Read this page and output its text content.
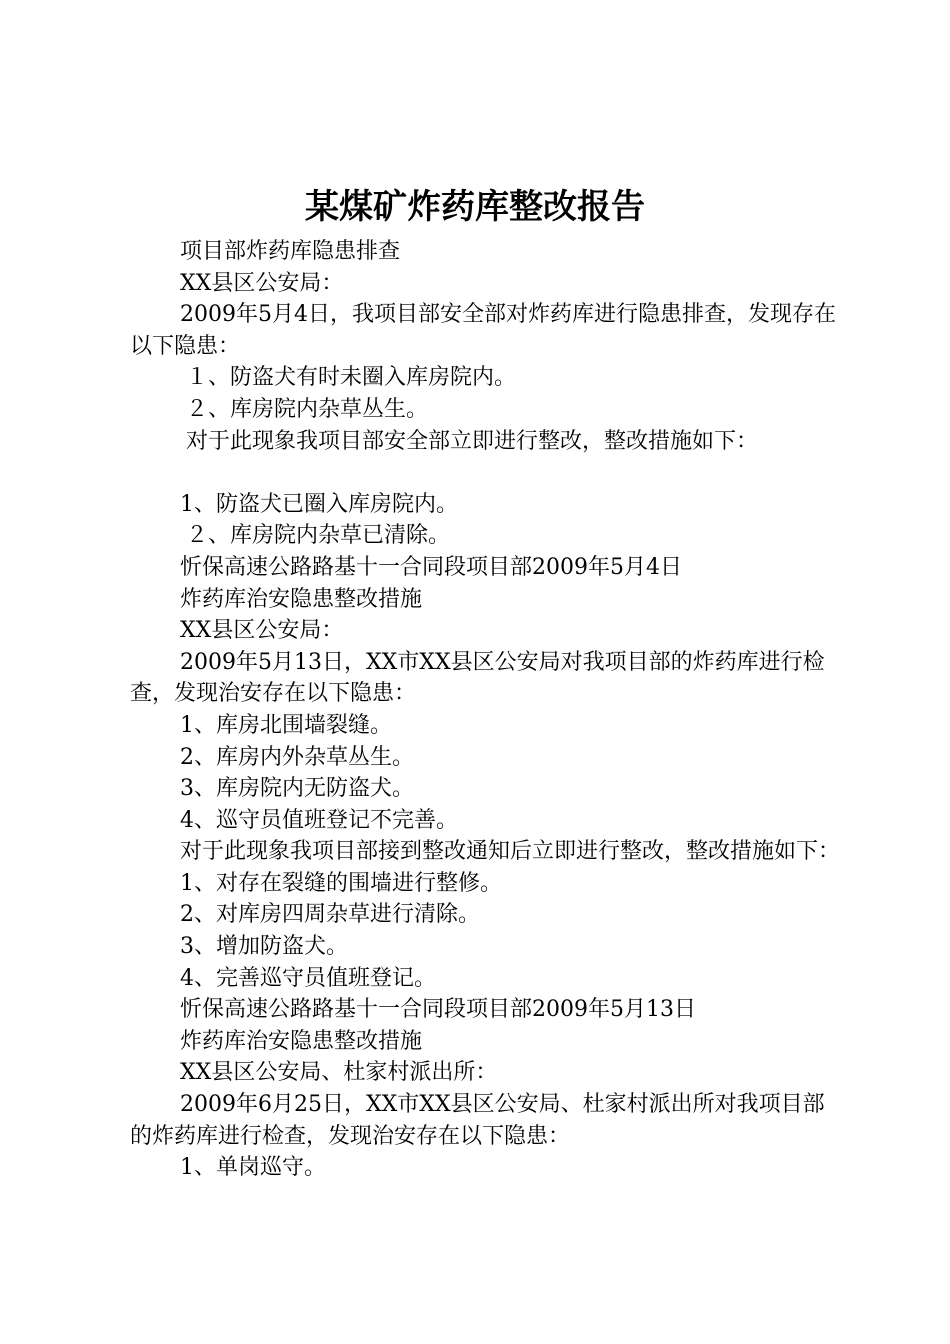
某煤矿炸药库整改报告

项目部炸药库隐患排查

XX县区公安局：

2009年5月4日，我项目部安全部对炸药库进行隐患排查，发现存在以下隐患：

１、防盗犬有时未圈入库房院内。

２、库房院内杂草丛生。

对于此现象我项目部安全部立即进行整改，整改措施如下：

1、防盗犬已圈入库房院内。

２、库房院内杂草已清除。

忻保高速公路路基十一合同段项目部2009年5月4日

炸药库治安隐患整改措施

XX县区公安局：

2009年5月13日，XX市XX县区公安局对我项目部的炸药库进行检查，发现治安存在以下隐患：

1、库房北围墙裂缝。

2、库房内外杂草丛生。

3、库房院内无防盗犬。

4、巡守员值班登记不完善。

对于此现象我项目部接到整改通知后立即进行整改，整改措施如下：

1、对存在裂缝的围墙进行整修。

2、对库房四周杂草进行清除。

3、增加防盗犬。

4、完善巡守员值班登记。

忻保高速公路路基十一合同段项目部2009年5月13日

炸药库治安隐患整改措施

XX县区公安局、杜家村派出所：

2009年6月25日，XX市XX县区公安局、杜家村派出所对我项目部的炸药库进行检查，发现治安存在以下隐患：

1、单岗巡守。
